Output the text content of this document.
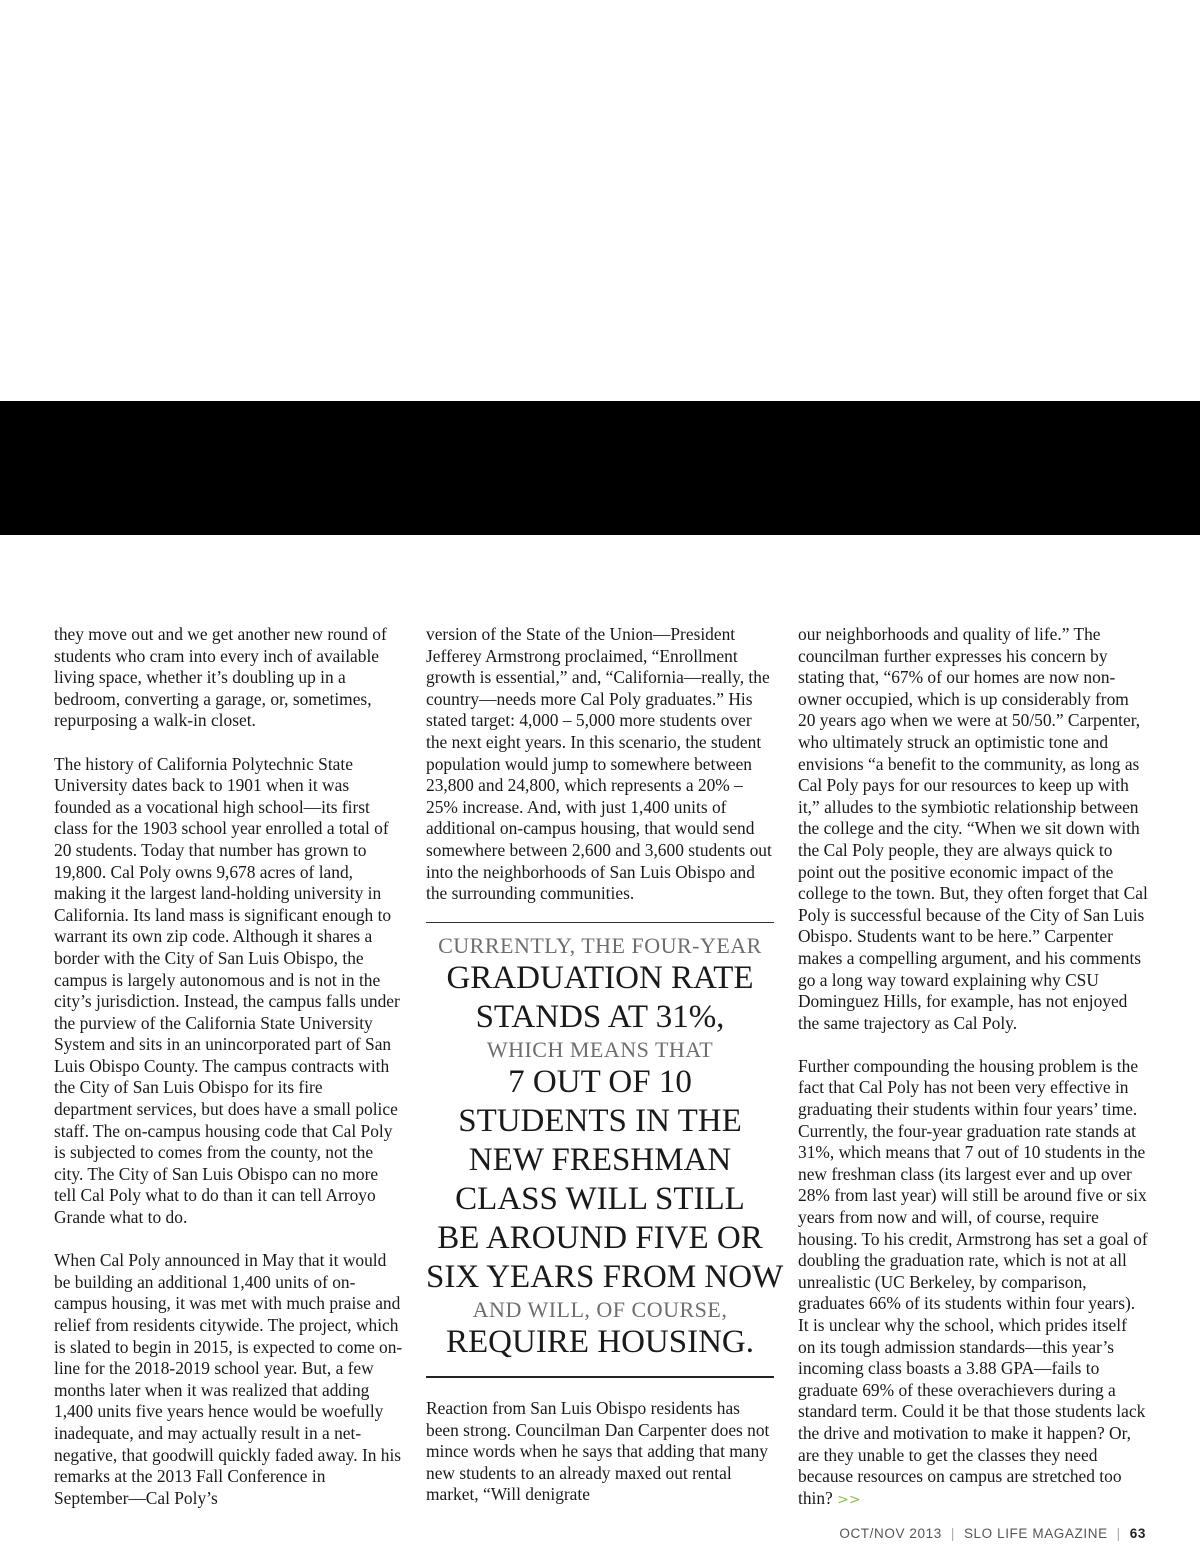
they move out and we get another new round of students who cram into every inch of available living space, whether it’s doubling up in a bedroom, converting a garage, or, sometimes, repurposing a walk-in closet.

The history of California Polytechnic State University dates back to 1901 when it was founded as a vocational high school—its first class for the 1903 school year enrolled a total of 20 students. Today that number has grown to 19,800. Cal Poly owns 9,678 acres of land, making it the largest land-holding university in California. Its land mass is significant enough to warrant its own zip code. Although it shares a border with the City of San Luis Obispo, the campus is largely autonomous and is not in the city’s jurisdiction. Instead, the campus falls under the purview of the California State University System and sits in an unincorporated part of San Luis Obispo County. The campus contracts with the City of San Luis Obispo for its fire department services, but does have a small police staff. The on-campus housing code that Cal Poly is subjected to comes from the county, not the city. The City of San Luis Obispo can no more tell Cal Poly what to do than it can tell Arroyo Grande what to do.

When Cal Poly announced in May that it would be building an additional 1,400 units of on-campus housing, it was met with much praise and relief from residents citywide. The project, which is slated to begin in 2015, is expected to come on-line for the 2018-2019 school year. But, a few months later when it was realized that adding 1,400 units five years hence would be woefully inadequate, and may actually result in a net-negative, that goodwill quickly faded away. In his remarks at the 2013 Fall Conference in September—Cal Poly’s

version of the State of the Union—President Jefferey Armstrong proclaimed, “Enrollment growth is essential,” and, “California—really, the country—needs more Cal Poly graduates.” His stated target: 4,000 – 5,000 more students over the next eight years. In this scenario, the student population would jump to somewhere between 23,800 and 24,800, which represents a 20% – 25% increase. And, with just 1,400 units of additional on-campus housing, that would send somewhere between 2,600 and 3,600 students out into the neighborhoods of San Luis Obispo and the surrounding communities.

CURRENTLY, THE FOUR-YEAR
GRADUATION RATE
STANDS AT 31%,
WHICH MEANS THAT
7 OUT OF 10
STUDENTS IN THE
NEW FRESHMAN
CLASS WILL STILL
BE AROUND FIVE OR
SIX YEARS FROM NOW
AND WILL, OF COURSE,
REQUIRE HOUSING.

Reaction from San Luis Obispo residents has been strong. Councilman Dan Carpenter does not mince words when he says that adding that many new students to an already maxed out rental market, “Will denigrate

our neighborhoods and quality of life.” The councilman further expresses his concern by stating that, “67% of our homes are now non-owner occupied, which is up considerably from 20 years ago when we were at 50/50.” Carpenter, who ultimately struck an optimistic tone and envisions “a benefit to the community, as long as Cal Poly pays for our resources to keep up with it,” alludes to the symbiotic relationship between the college and the city. “When we sit down with the Cal Poly people, they are always quick to point out the positive economic impact of the college to the town. But, they often forget that Cal Poly is successful because of the City of San Luis Obispo. Students want to be here.” Carpenter makes a compelling argument, and his comments go a long way toward explaining why CSU Dominguez Hills, for example, has not enjoyed the same trajectory as Cal Poly.

Further compounding the housing problem is the fact that Cal Poly has not been very effective in graduating their students within four years’ time. Currently, the four-year graduation rate stands at 31%, which means that 7 out of 10 students in the new freshman class (its largest ever and up over 28% from last year) will still be around five or six years from now and will, of course, require housing. To his credit, Armstrong has set a goal of doubling the graduation rate, which is not at all unrealistic (UC Berkeley, by comparison, graduates 66% of its students within four years). It is unclear why the school, which prides itself on its tough admission standards—this year’s incoming class boasts a 3.88 GPA—fails to graduate 69% of these overachievers during a standard term. Could it be that those students lack the drive and motivation to make it happen? Or, are they unable to get the classes they need because resources on campus are stretched too thin? >>

OCT/NOV 2013 | SLO LIFE MAGAZINE | 63
